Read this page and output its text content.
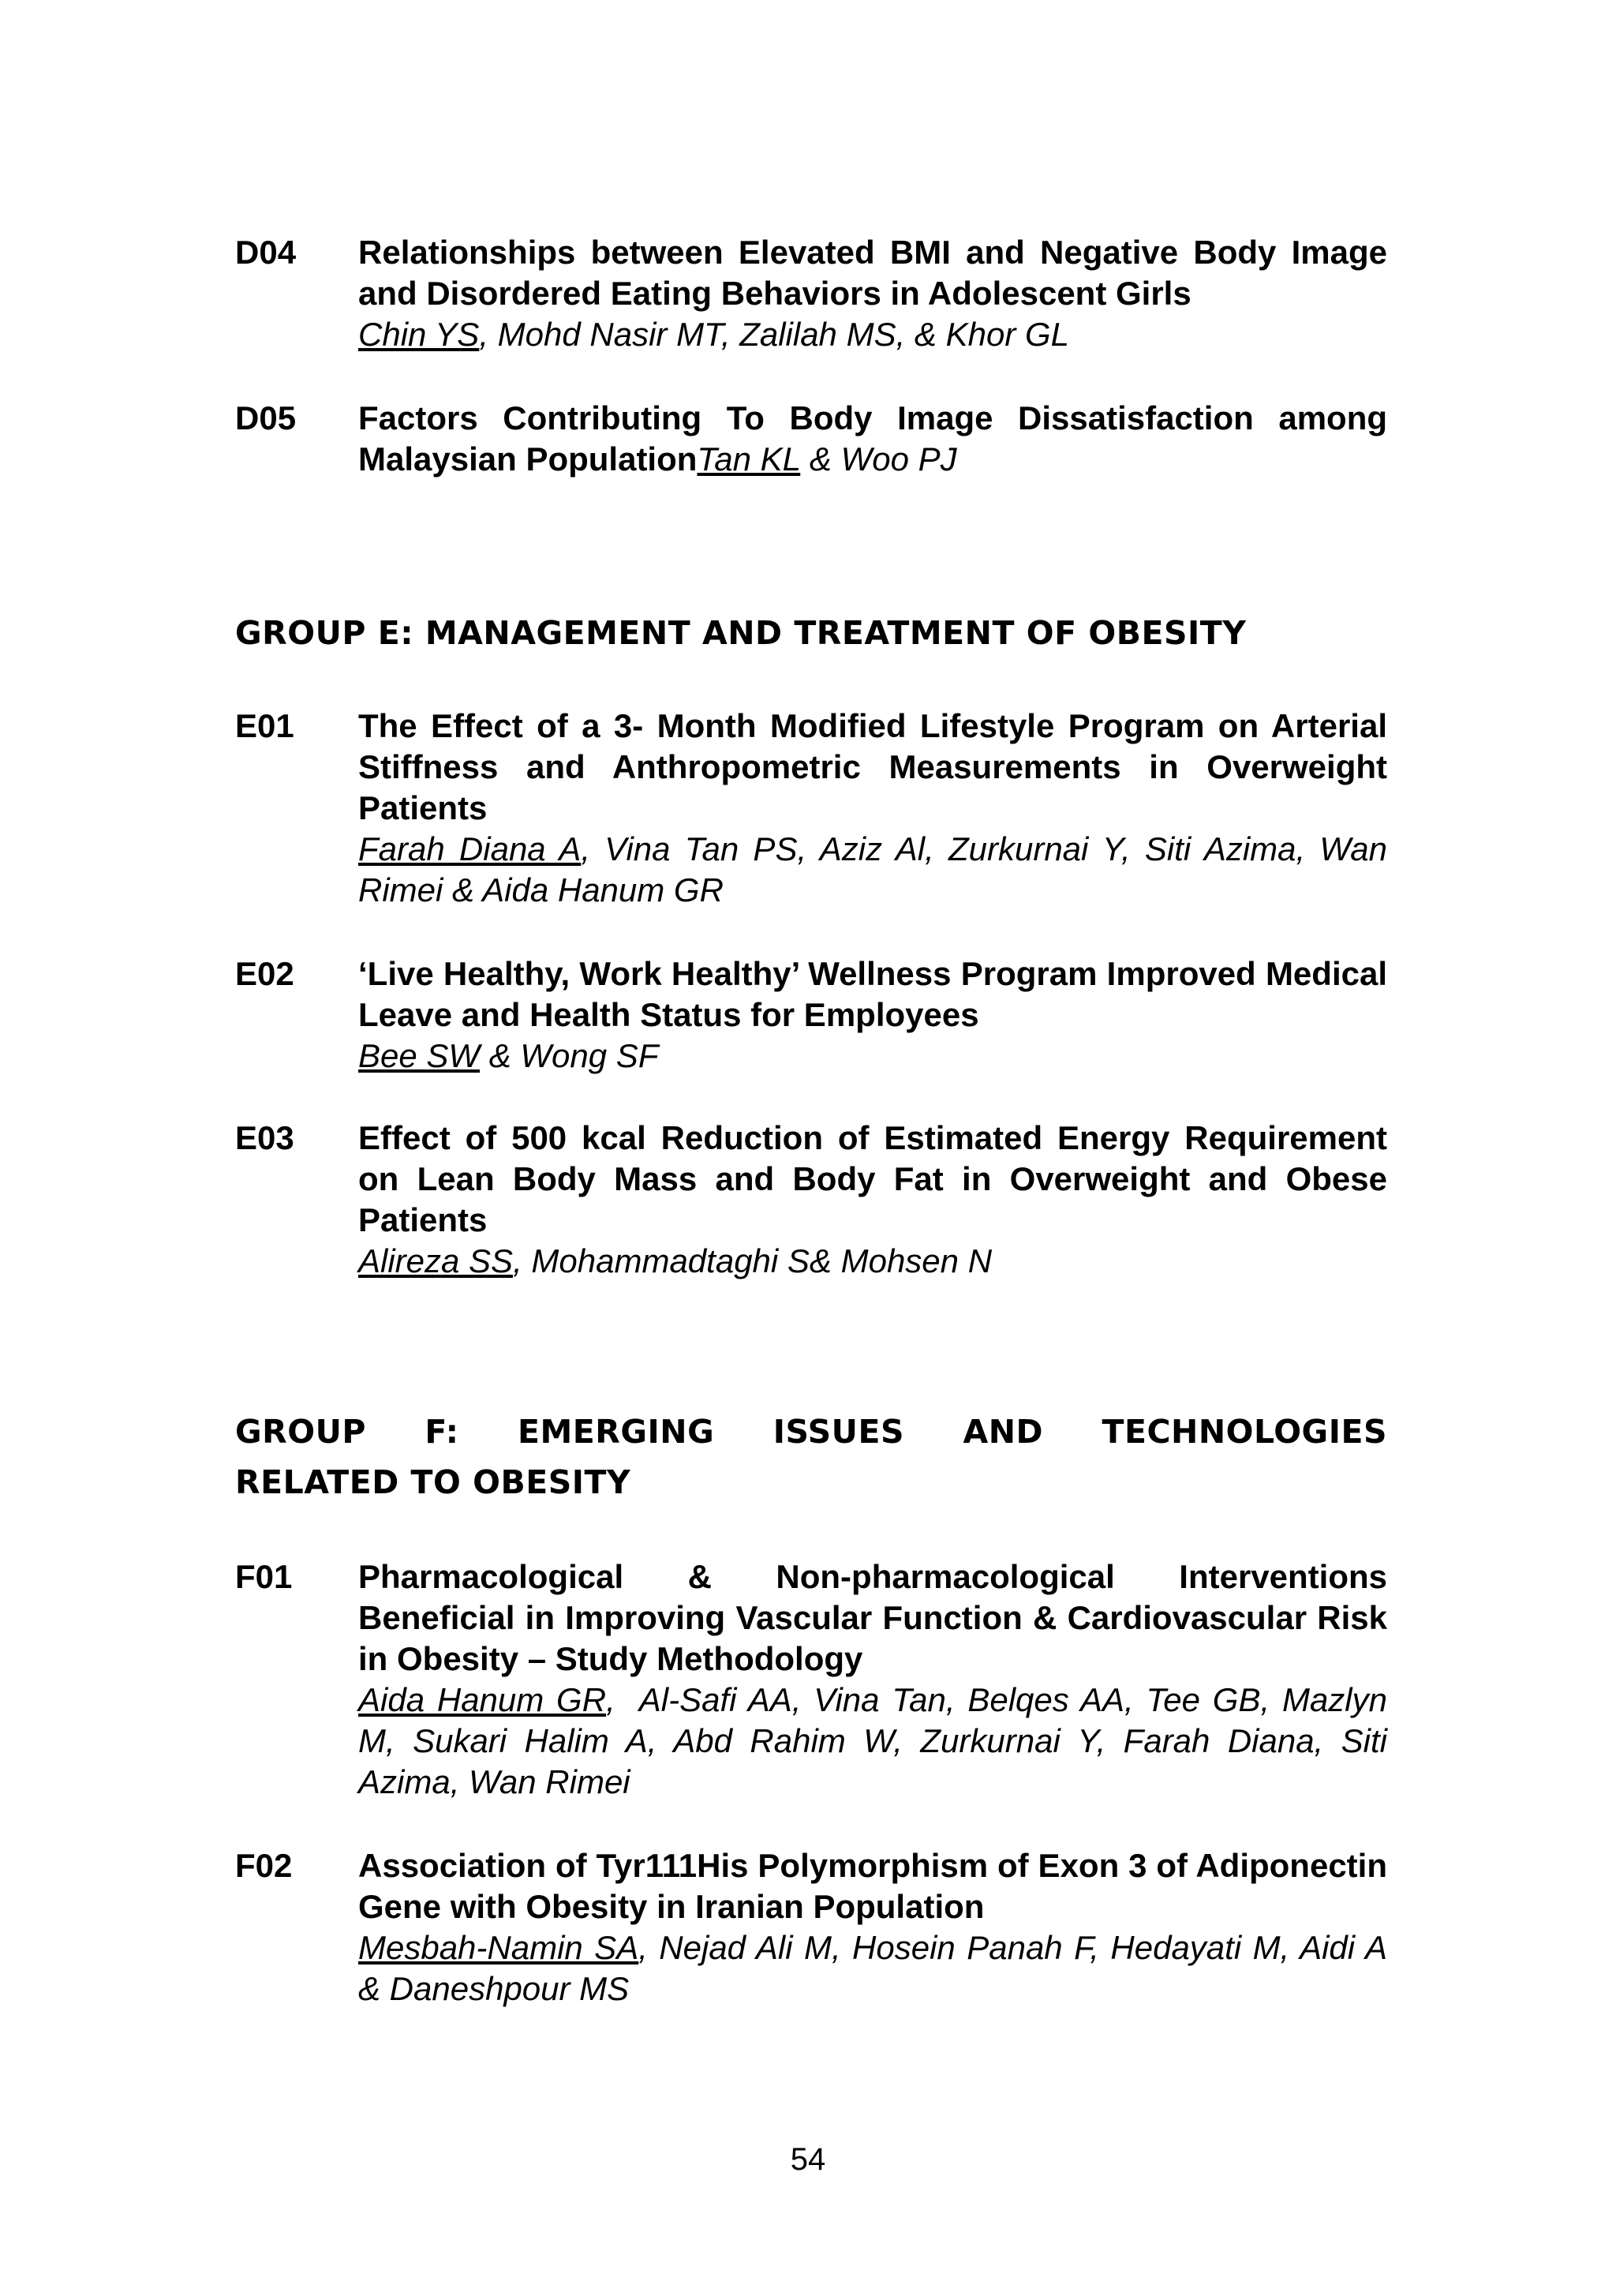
D04 Relationships between Elevated BMI and Negative Body Image and Disordered Eating Behaviors in Adolescent Girls
Chin YS, Mohd Nasir MT, Zalilah MS, & Khor GL
D05 Factors Contributing To Body Image Dissatisfaction among Malaysian PopulationTan KL & Woo PJ
GROUP E: MANAGEMENT AND TREATMENT OF OBESITY
E01 The Effect of a 3- Month Modified Lifestyle Program on Arterial Stiffness and Anthropometric Measurements in Overweight Patients
Farah Diana A, Vina Tan PS, Aziz Al, Zurkurnai Y, Siti Azima, Wan Rimei & Aida Hanum GR
E02 ‘Live Healthy, Work Healthy’ Wellness Program Improved Medical Leave and Health Status for Employees
Bee SW & Wong SF
E03 Effect of 500 kcal Reduction of Estimated Energy Requirement on Lean Body Mass and Body Fat in Overweight and Obese Patients
Alireza SS, Mohammadtaghi S& Mohsen N
GROUP F: EMERGING ISSUES AND TECHNOLOGIES
RELATED TO OBESITY
F01 Pharmacological & Non-pharmacological Interventions Beneficial in Improving Vascular Function & Cardiovascular Risk in Obesity – Study Methodology
Aida Hanum GR,  Al-Safi AA, Vina Tan, Belqes AA, Tee GB, Mazlyn M, Sukari Halim A, Abd Rahim W, Zurkurnai Y, Farah Diana, Siti Azima, Wan Rimei
F02 Association of Tyr111His Polymorphism of Exon 3 of Adiponectin Gene with Obesity in Iranian Population
Mesbah-Namin SA, Nejad Ali M, Hosein Panah F, Hedayati M, Aidi A & Daneshpour MS
54
